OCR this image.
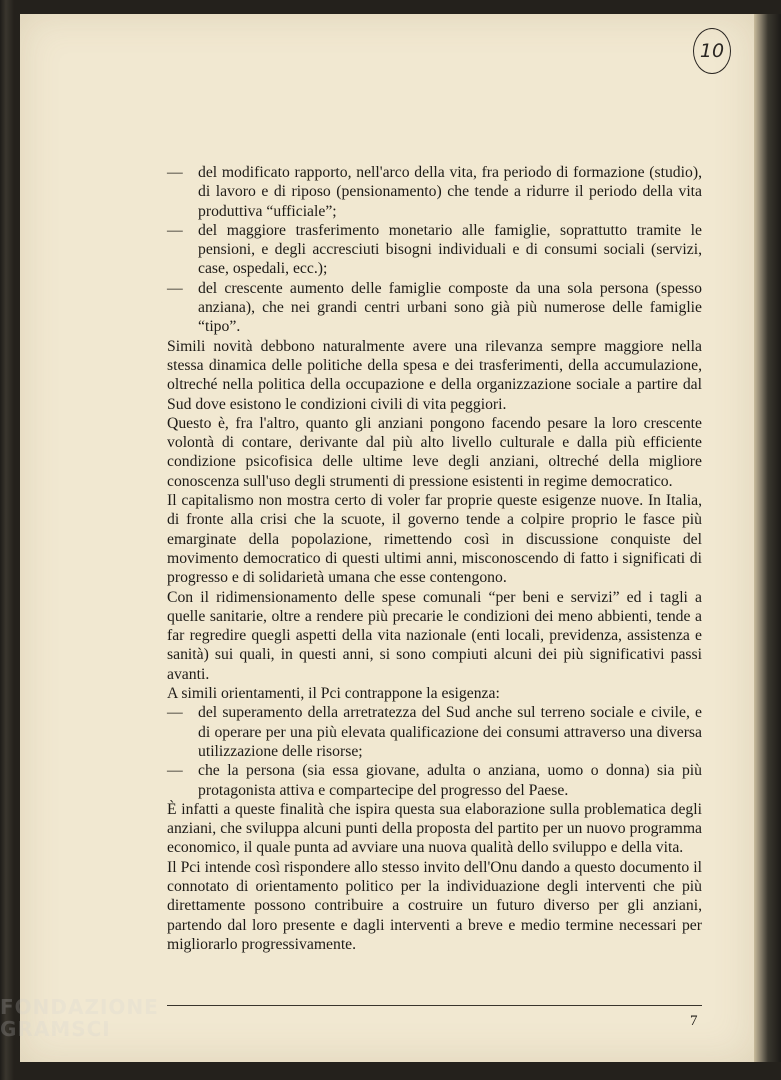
10
— del modificato rapporto, nell'arco della vita, fra periodo di formazione (studio), di lavoro e di riposo (pensionamento) che tende a ridurre il periodo della vita produttiva “ufficiale”;

— del maggiore trasferimento monetario alle famiglie, soprattutto tramite le pensioni, e degli accresciuti bisogni individuali e di consumi sociali (servizi, case, ospedali, ecc.);

— del crescente aumento delle famiglie composte da una sola persona (spesso anziana), che nei grandi centri urbani sono già più numerose delle famiglie “tipo”.

Simili novità debbono naturalmente avere una rilevanza sempre maggiore nella stessa dinamica delle politiche della spesa e dei trasferimenti, della accumulazione, oltreché nella politica della occupazione e della organizzazione sociale a partire dal Sud dove esistono le condizioni civili di vita peggiori.

Questo è, fra l'altro, quanto gli anziani pongono facendo pesare la loro crescente volontà di contare, derivante dal più alto livello culturale e dalla più efficiente condizione psicofisica delle ultime leve degli anziani, oltreché della migliore conoscenza sull'uso degli strumenti di pressione esistenti in regime democratico.

Il capitalismo non mostra certo di voler far proprie queste esigenze nuove. In Italia, di fronte alla crisi che la scuote, il governo tende a colpire proprio le fasce più emarginate della popolazione, rimettendo così in discussione conquiste del movimento democratico di questi ultimi anni, misconoscendo di fatto i significati di progresso e di solidarietà umana che esse contengono.

Con il ridimensionamento delle spese comunali “per beni e servizi” ed i tagli a quelle sanitarie, oltre a rendere più precarie le condizioni dei meno abbienti, tende a far regredire quegli aspetti della vita nazionale (enti locali, previdenza, assistenza e sanità) sui quali, in questi anni, si sono compiuti alcuni dei più significativi passi avanti.

A simili orientamenti, il Pci contrappone la esigenza:

— del superamento della arretratezza del Sud anche sul terreno sociale e civile, e di operare per una più elevata qualificazione dei consumi attraverso una diversa utilizzazione delle risorse;

— che la persona (sia essa giovane, adulta o anziana, uomo o donna) sia più protagonista attiva e compartecipe del progresso del Paese.

È infatti a queste finalità che ispira questa sua elaborazione sulla problematica degli anziani, che sviluppa alcuni punti della proposta del partito per un nuovo programma economico, il quale punta ad avviare una nuova qualità dello sviluppo e della vita.

Il Pci intende così rispondere allo stesso invito dell'Onu dando a questo documento il connotato di orientamento politico per la individuazione degli interventi che più direttamente possono contribuire a costruire un futuro diverso per gli anziani, partendo dal loro presente e dagli interventi a breve e medio termine necessari per migliorarlo progressivamente.

7
FONDAZIONE
GRAMSCI
